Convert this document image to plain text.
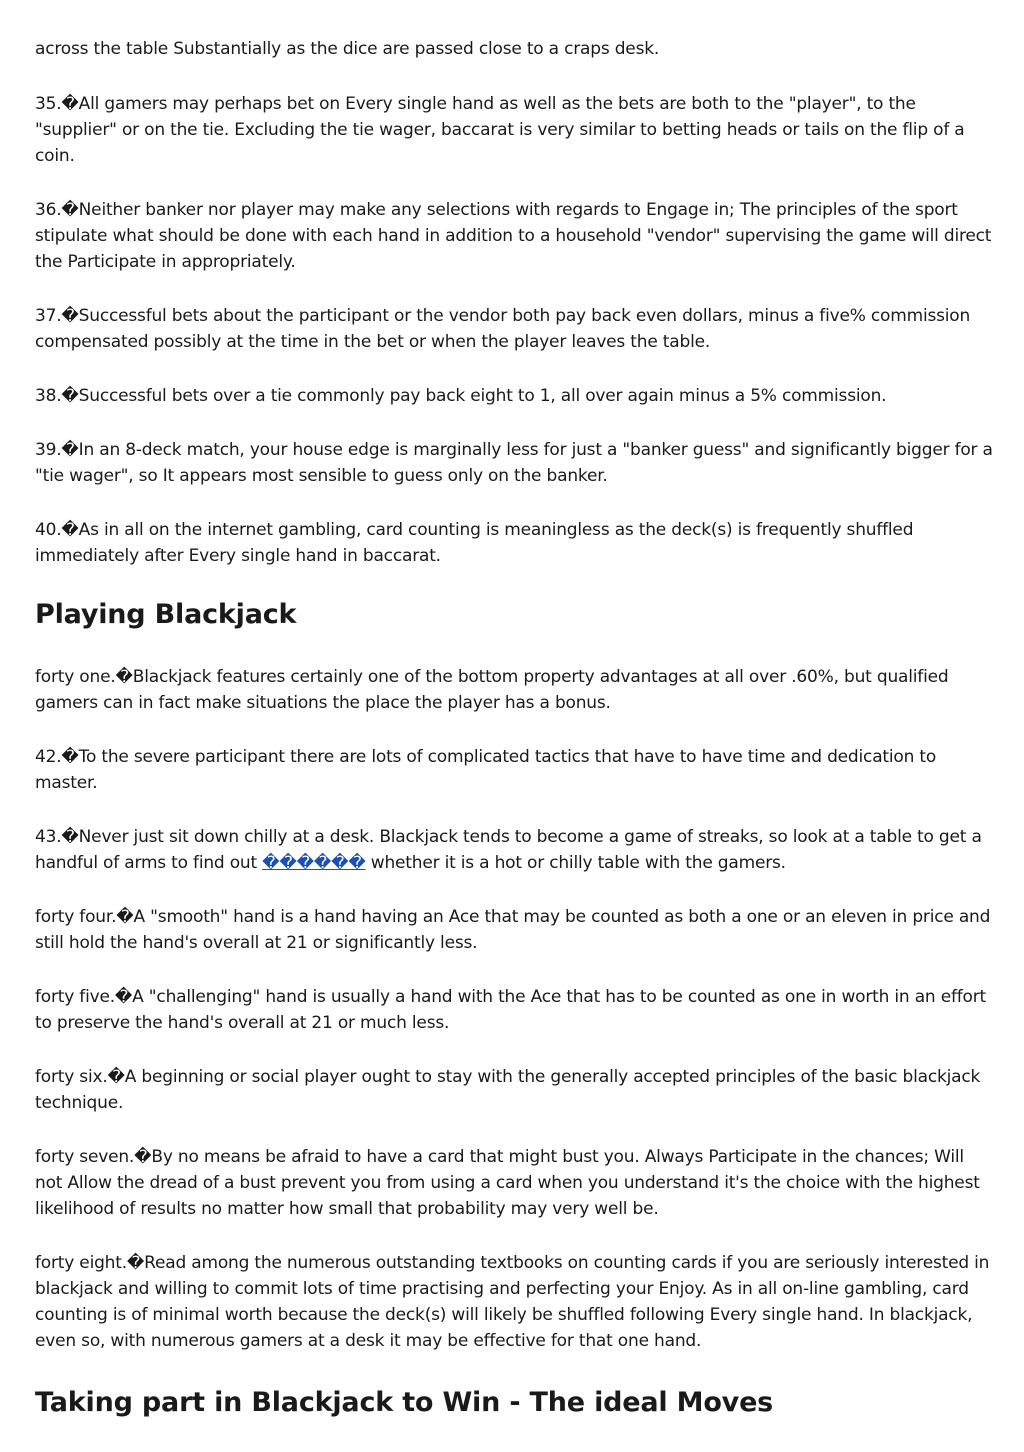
across the table Substantially as the dice are passed close to a craps desk.

35.�All gamers may perhaps bet on Every single hand as well as the bets are both to the "player", to the "supplier" or on the tie. Excluding the tie wager, baccarat is very similar to betting heads or tails on the flip of a coin.

36.�Neither banker nor player may make any selections with regards to Engage in; The principles of the sport stipulate what should be done with each hand in addition to a household "vendor" supervising the game will direct the Participate in appropriately.

37.�Successful bets about the participant or the vendor both pay back even dollars, minus a five% commission compensated possibly at the time in the bet or when the player leaves the table.

38.�Successful bets over a tie commonly pay back eight to 1, all over again minus a 5% commission.

39.�In an 8-deck match, your house edge is marginally less for just a "banker guess" and significantly bigger for a "tie wager", so It appears most sensible to guess only on the banker.

40.�As in all on the internet gambling, card counting is meaningless as the deck(s) is frequently shuffled immediately after Every single hand in baccarat.

Playing Blackjack

forty one.�Blackjack features certainly one of the bottom property advantages at all over .60%, but qualified gamers can in fact make situations the place the player has a bonus.

42.�To the severe participant there are lots of complicated tactics that have to have time and dedication to master.

43.�Never just sit down chilly at a desk. Blackjack tends to become a game of streaks, so look at a table to get a handful of arms to find out ������ whether it is a hot or chilly table with the gamers.

forty four.�A "smooth" hand is a hand having an Ace that may be counted as both a one or an eleven in price and still hold the hand's overall at 21 or significantly less.

forty five.�A "challenging" hand is usually a hand with the Ace that has to be counted as one in worth in an effort to preserve the hand's overall at 21 or much less.

forty six.�A beginning or social player ought to stay with the generally accepted principles of the basic blackjack technique.

forty seven.�By no means be afraid to have a card that might bust you. Always Participate in the chances; Will not Allow the dread of a bust prevent you from using a card when you understand it's the choice with the highest likelihood of results no matter how small that probability may very well be.

forty eight.�Read among the numerous outstanding textbooks on counting cards if you are seriously interested in blackjack and willing to commit lots of time practising and perfecting your Enjoy. As in all on-line gambling, card counting is of minimal worth because the deck(s) will likely be shuffled following Every single hand. In blackjack, even so, with numerous gamers at a desk it may be effective for that one hand.

Taking part in Blackjack to Win - The ideal Moves
